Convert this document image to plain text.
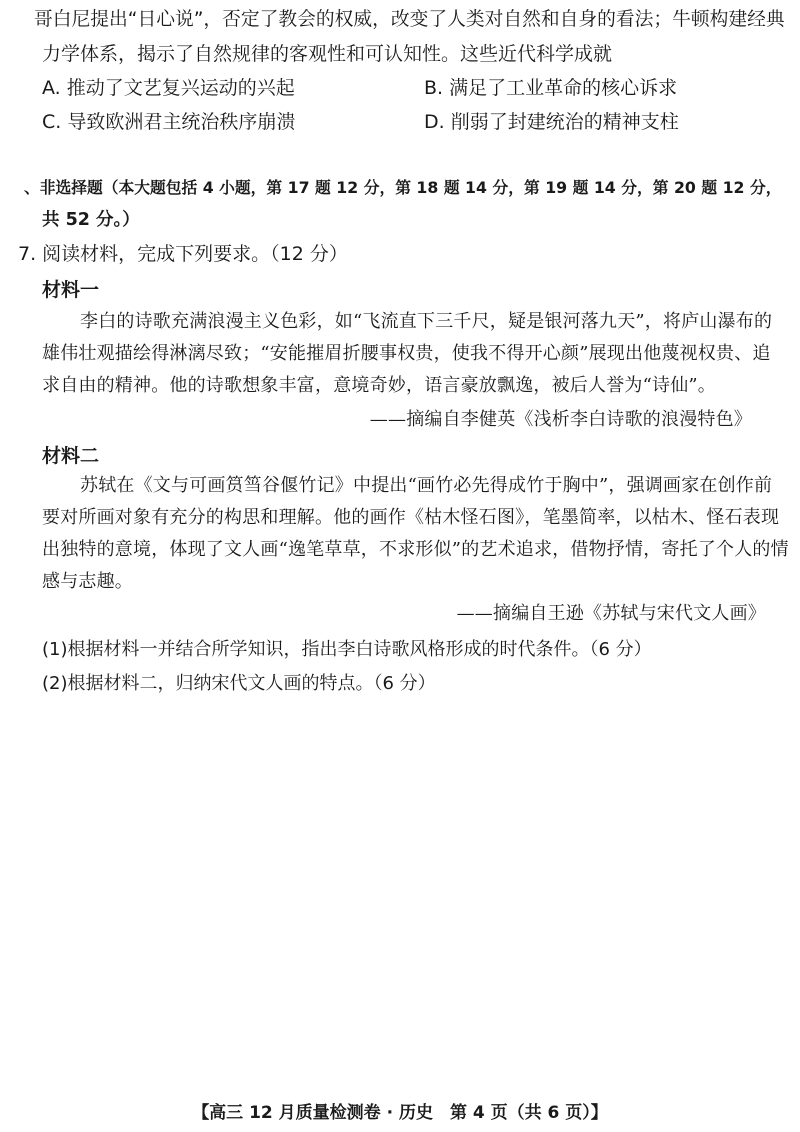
哥白尼提出“日心说”，否定了教会的权威，改变了人类对自然和自身的看法；牛顿构建经典
力学体系，揭示了自然规律的客观性和可认知性。这些近代科学成就
A. 推动了文艺复兴运动的兴起	B. 满足了工业革命的核心诉求
C. 导致欧洲君主统治秩序崩溃	D. 削弱了封建统治的精神支柱
、非选择题（本大题包括 4 小题，第 17 题 12 分，第 18 题 14 分，第 19 题 14 分，第 20 题 12 分，
共 52 分。）
7. 阅读材料，完成下列要求。（12 分）
材料一
李白的诗歌充满浪漫主义色彩，如“飞流直下三千尺，疑是银河落九天”，将庐山瀑布的
雄伟壮观描绘得淋漓尽致；“安能摧眉折腰事权贵，使我不得开心颜”展现出他蔑视权贵、追
求自由的精神。他的诗歌想象丰富，意境奇妙，语言豪放飘逸，被后人誉为“诗仙”。
——摘编自李健英《浅析李白诗歌的浪漫特色》
材料二
苏轼在《文与可画筼筜谷偃竹记》中提出“画竹必先得成竹于胸中”，强调画家在创作前
要对所画对象有充分的构思和理解。他的画作《枯木怪石图》，笔墨简率，以枯木、怪石表现
出独特的意境，体现了文人画“逸笔草草，不求形似”的艺术追求，借物抒情，寄托了个人的情
感与志趣。
——摘编自王逊《苏轼与宋代文人画》
(1)根据材料一并结合所学知识，指出李白诗歌风格形成的时代条件。（6 分）
(2)根据材料二，归纳宋代文人画的特点。（6 分）
【高三 12 月质量检测卷 · 历史　第 4 页（共 6 页）】
